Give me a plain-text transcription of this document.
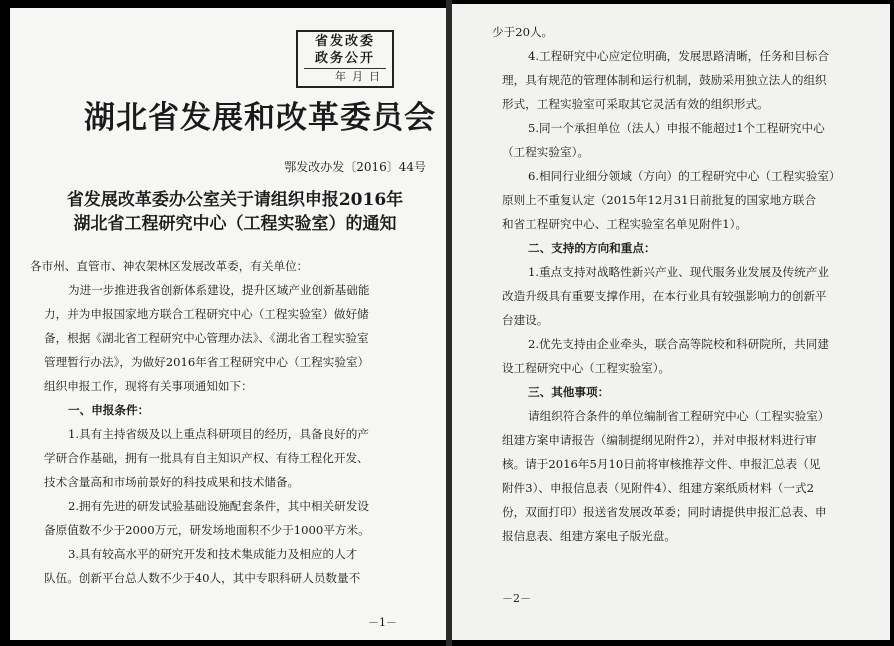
省发改委
政务公开
年月日
湖北省发展和改革委员会
鄂发改办发〔2016〕44号
省发展改革委办公室关于请组织申报2016年
湖北省工程研究中心（工程实验室）的通知
各市州、直管市、神农架林区发展改革委，有关单位：
为进一步推进我省创新体系建设，提升区域产业创新基础能
力，并为申报国家地方联合工程研究中心（工程实验室）做好储
备，根据《湖北省工程研究中心管理办法》、《湖北省工程实验室
管理暂行办法》，为做好2016年省工程研究中心（工程实验室）
组织申报工作，现将有关事项通知如下：
一、申报条件：
1.具有主持省级及以上重点科研项目的经历，具备良好的产
学研合作基础，拥有一批具有自主知识产权、有待工程化开发、
技术含量高和市场前景好的科技成果和技术储备。
2.拥有先进的研发试验基础设施配套条件，其中相关研发设
备原值数不少于2000万元，研发场地面积不少于1000平方米。
3.具有较高水平的研究开发和技术集成能力及相应的人才
队伍。创新平台总人数不少于40人，其中专职科研人员数量不
－1－
少于20人。
4.工程研究中心应定位明确，发展思路清晰，任务和目标合
理，具有规范的管理体制和运行机制，鼓励采用独立法人的组织
形式，工程实验室可采取其它灵活有效的组织形式。
5.同一个承担单位（法人）申报不能超过1个工程研究中心
（工程实验室）。
6.相同行业细分领域（方向）的工程研究中心（工程实验室）
原则上不重复认定（2015年12月31日前批复的国家地方联合
和省工程研究中心、工程实验室名单见附件1）。
二、支持的方向和重点：
1.重点支持对战略性新兴产业、现代服务业发展及传统产业
改造升级具有重要支撑作用，在本行业具有较强影响力的创新平
台建设。
2.优先支持由企业牵头，联合高等院校和科研院所，共同建
设工程研究中心（工程实验室）。
三、其他事项：
请组织符合条件的单位编制省工程研究中心（工程实验室）
组建方案申请报告（编制提纲见附件2），并对申报材料进行审
核。请于2016年5月10日前将审核推荐文件、申报汇总表（见
附件3）、申报信息表（见附件4）、组建方案纸质材料（一式2
份，双面打印）报送省发展改革委；同时请提供申报汇总表、申
报信息表、组建方案电子版光盘。
－2－
